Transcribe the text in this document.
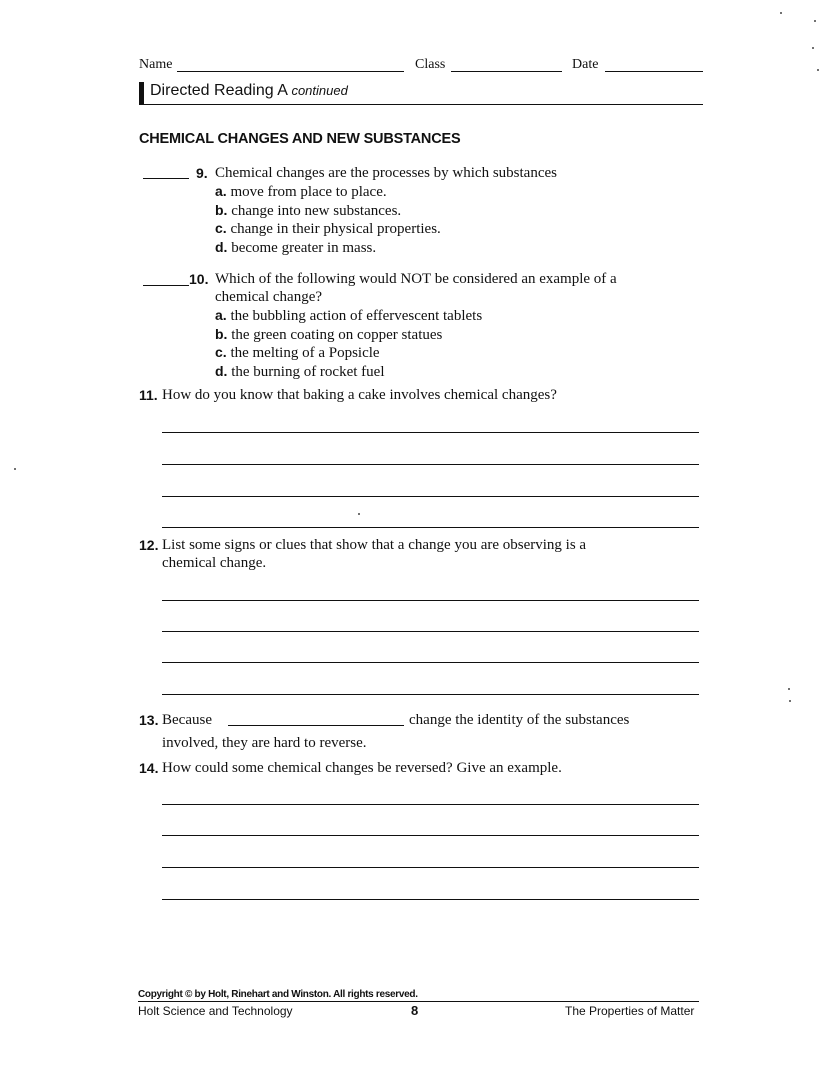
Name	Class	Date
Directed Reading A continued
CHEMICAL CHANGES AND NEW SUBSTANCES
9. Chemical changes are the processes by which substances
a. move from place to place.
b. change into new substances.
c. change in their physical properties.
d. become greater in mass.
10. Which of the following would NOT be considered an example of a
chemical change?
a. the bubbling action of effervescent tablets
b. the green coating on copper statues
c. the melting of a Popsicle
d. the burning of rocket fuel
11. How do you know that baking a cake involves chemical changes?
12. List some signs or clues that show that a change you are observing is a
chemical change.
13. Because	change the identity of the substances
involved, they are hard to reverse.
14. How could some chemical changes be reversed? Give an example.
Copyright © by Holt, Rinehart and Winston. All rights reserved.
Holt Science and Technology	8	The Properties of Matter
